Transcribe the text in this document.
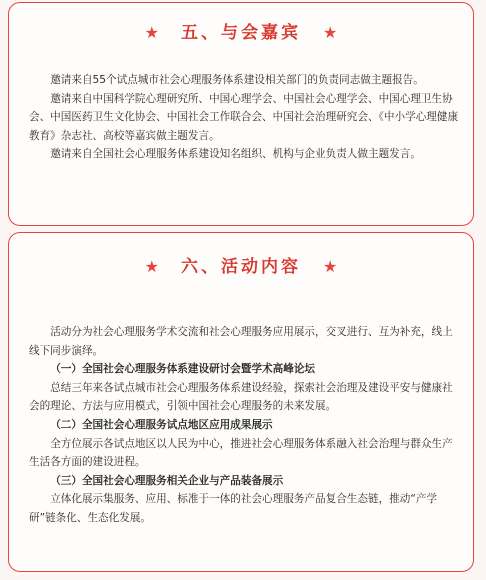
★ 五、与会嘉宾 ★

邀请来自55个试点城市社会心理服务体系建设相关部门的负责同志做主题报告。

邀请来自中国科学院心理研究所、中国心理学会、中国社会心理学会、中国心理卫生协会、中国医药卫生文化协会、中国社会工作联合会、中国社会治理研究会、《中小学心理健康教育》杂志社、高校等嘉宾做主题发言。

邀请来自全国社会心理服务体系建设知名组织、机构与企业负责人做主题发言。

★ 六、活动内容 ★

活动分为社会心理服务学术交流和社会心理服务应用展示，交叉进行、互为补充，线上线下同步演绎。

（一）全国社会心理服务体系建设研讨会暨学术高峰论坛

总结三年来各试点城市社会心理服务体系建设经验，探索社会治理及建设平安与健康社会的理论、方法与应用模式，引领中国社会心理服务的未来发展。

（二）全国社会心理服务试点地区应用成果展示

全方位展示各试点地区以人民为中心，推进社会心理服务体系融入社会治理与群众生产生活各方面的建设进程。

（三）全国社会心理服务相关企业与产品装备展示

立体化展示集服务、应用、标准于一体的社会心理服务产品复合生态链，推动“产学研”链条化、生态化发展。
